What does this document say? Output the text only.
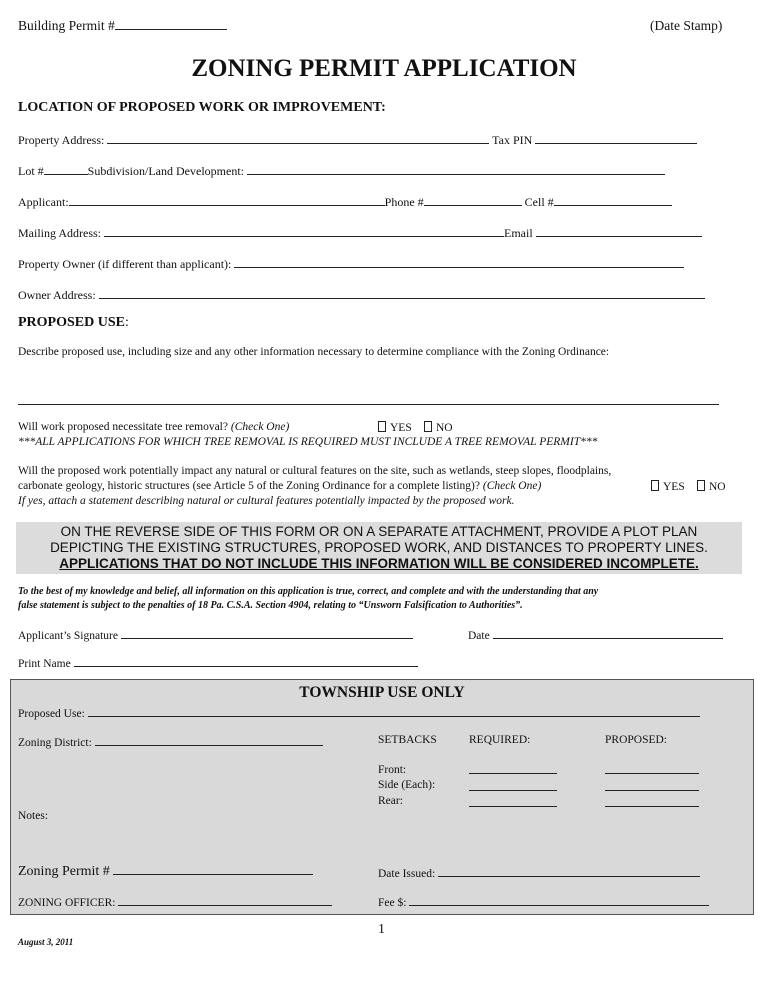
Building Permit #	(Date Stamp)
ZONING PERMIT APPLICATION
LOCATION OF PROPOSED WORK OR IMPROVEMENT:
Property Address:	Tax PIN
Lot #	Subdivision/Land Development:
Applicant:	Phone #	Cell #
Mailing Address:	Email
Property Owner (if different than applicant):
Owner Address:
PROPOSED USE:
Describe proposed use, including size and any other information necessary to determine compliance with the Zoning Ordinance:
Will work proposed necessitate tree removal? (Check One)	YES	NO
***ALL APPLICATIONS FOR WHICH TREE REMOVAL IS REQUIRED MUST INCLUDE A TREE REMOVAL PERMIT***
Will the proposed work potentially impact any natural or cultural features on the site, such as wetlands, steep slopes, floodplains,
carbonate geology, historic structures (see Article 5 of the Zoning Ordinance for a complete listing)? (Check One)	YES	NO
If yes, attach a statement describing natural or cultural features potentially impacted by the proposed work.
ON THE REVERSE SIDE OF THIS FORM OR ON A SEPARATE ATTACHMENT, PROVIDE A PLOT PLAN
DEPICTING THE EXISTING STRUCTURES, PROPOSED WORK, AND DISTANCES TO PROPERTY LINES.
APPLICATIONS THAT DO NOT INCLUDE THIS INFORMATION WILL BE CONSIDERED INCOMPLETE.
To the best of my knowledge and belief, all information on this application is true, correct, and complete and with the understanding that any
false statement is subject to the penalties of 18 Pa. C.S.A. Section 4904, relating to “Unsworn Falsification to Authorities”.
Applicant’s Signature	Date
Print Name
TOWNSHIP USE ONLY
Proposed Use:
Zoning District:	SETBACKS	REQUIRED:	PROPOSED:
Front:
Side (Each):
Rear:
Notes:
Zoning Permit #	Date Issued:
ZONING OFFICER:	Fee $:
1
August 3, 2011
